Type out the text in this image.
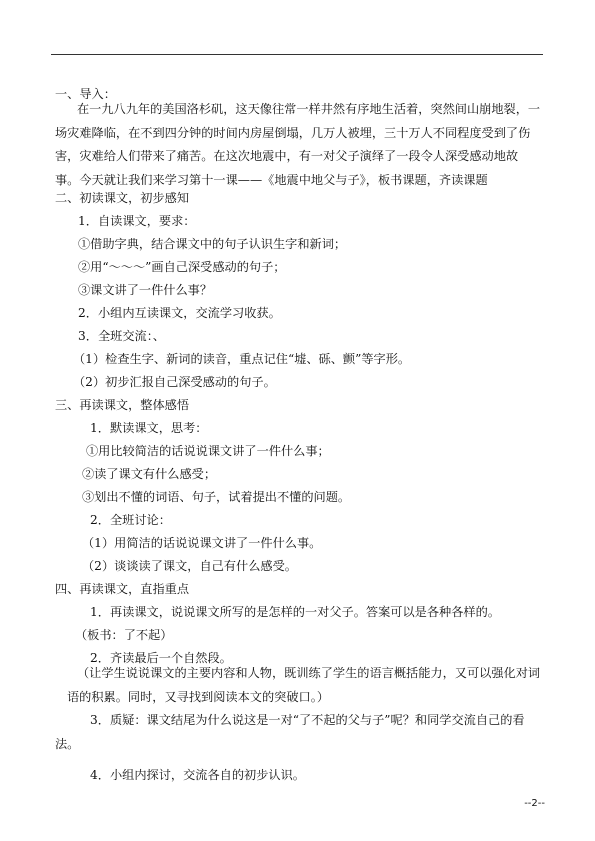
一、导入：
在一九八九年的美国洛杉矶，这天像往常一样井然有序地生活着，突然间山崩地裂，一场灾难降临，在不到四分钟的时间内房屋倒塌，几万人被埋，三十万人不同程度受到了伤害，灾难给人们带来了痛苦。在这次地震中，有一对父子演绎了一段令人深受感动地故事。今天就让我们来学习第十一课——《地震中地父与子》，板书课题，齐读课题
二、初读课文，初步感知
1．自读课文，要求：
①借助字典，结合课文中的句子认识生字和新词；
②用“～～～”画自己深受感动的句子；
③课文讲了一件什么事？
2．小组内互读课文，交流学习收获。
3．全班交流：、
（1）检查生字、新词的读音，重点记住“墟、砾、颤”等字形。
（2）初步汇报自己深受感动的句子。
三、再读课文，整体感悟
1．默读课文，思考：
①用比较简洁的话说说课文讲了一件什么事；
②读了课文有什么感受；
③划出不懂的词语、句子，试着提出不懂的问题。
2．全班讨论：
（1）用简洁的话说说课文讲了一件什么事。
（2）谈谈读了课文，自己有什么感受。
四、再读课文，直指重点
1．再读课文，说说课文所写的是怎样的一对父子。答案可以是各种各样的。
（板书：了不起）
2．齐读最后一个自然段。
（让学生说说课文的主要内容和人物，既训练了学生的语言概括能力，又可以强化对词语的积累。同时，又寻找到阅读本文的突破口。）
3．质疑：课文结尾为什么说这是一对“了不起的父与子”呢？和同学交流自己的看法。
4．小组内探讨，交流各自的初步认识。
--2--
